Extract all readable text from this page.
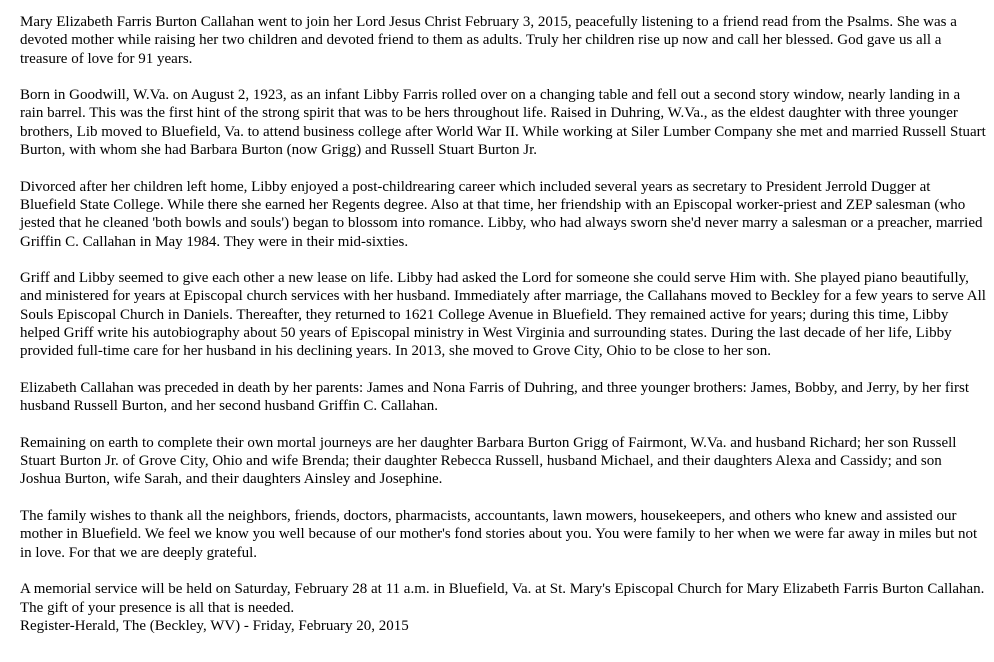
Mary Elizabeth Farris Burton Callahan went to join her Lord Jesus Christ February 3, 2015, peacefully listening to a friend read from the Psalms. She was a devoted mother while raising her two children and devoted friend to them as adults. Truly her children rise up now and call her blessed. God gave us all a treasure of love for 91 years.

Born in Goodwill, W.Va. on August 2, 1923, as an infant Libby Farris rolled over on a changing table and fell out a second story window, nearly landing in a rain barrel. This was the first hint of the strong spirit that was to be hers throughout life. Raised in Duhring, W.Va., as the eldest daughter with three younger brothers, Lib moved to Bluefield, Va. to attend business college after World War II. While working at Siler Lumber Company she met and married Russell Stuart Burton, with whom she had Barbara Burton (now Grigg) and Russell Stuart Burton Jr.

Divorced after her children left home, Libby enjoyed a post-childrearing career which included several years as secretary to President Jerrold Dugger at Bluefield State College. While there she earned her Regents degree. Also at that time, her friendship with an Episcopal worker-priest and ZEP salesman (who jested that he cleaned 'both bowls and souls') began to blossom into romance. Libby, who had always sworn she'd never marry a salesman or a preacher, married Griffin C. Callahan in May 1984. They were in their mid-sixties.

Griff and Libby seemed to give each other a new lease on life. Libby had asked the Lord for someone she could serve Him with. She played piano beautifully, and ministered for years at Episcopal church services with her husband. Immediately after marriage, the Callahans moved to Beckley for a few years to serve All Souls Episcopal Church in Daniels. Thereafter, they returned to 1621 College Avenue in Bluefield. They remained active for years; during this time, Libby helped Griff write his autobiography about 50 years of Episcopal ministry in West Virginia and surrounding states. During the last decade of her life, Libby provided full-time care for her husband in his declining years. In 2013, she moved to Grove City, Ohio to be close to her son.

Elizabeth Callahan was preceded in death by her parents: James and Nona Farris of Duhring, and three younger brothers: James, Bobby, and Jerry, by her first husband Russell Burton, and her second husband Griffin C. Callahan.

Remaining on earth to complete their own mortal journeys are her daughter Barbara Burton Grigg of Fairmont, W.Va. and husband Richard; her son Russell Stuart Burton Jr. of Grove City, Ohio and wife Brenda; their daughter Rebecca Russell, husband Michael, and their daughters Alexa and Cassidy; and son Joshua Burton, wife Sarah, and their daughters Ainsley and Josephine.

The family wishes to thank all the neighbors, friends, doctors, pharmacists, accountants, lawn mowers, housekeepers, and others who knew and assisted our mother in Bluefield. We feel we know you well because of our mother's fond stories about you. You were family to her when we were far away in miles but not in love. For that we are deeply grateful.

A memorial service will be held on Saturday, February 28 at 11 a.m. in Bluefield, Va. at St. Mary's Episcopal Church for Mary Elizabeth Farris Burton Callahan. The gift of your presence is all that is needed.

Register-Herald, The (Beckley, WV) - Friday, February 20, 2015
